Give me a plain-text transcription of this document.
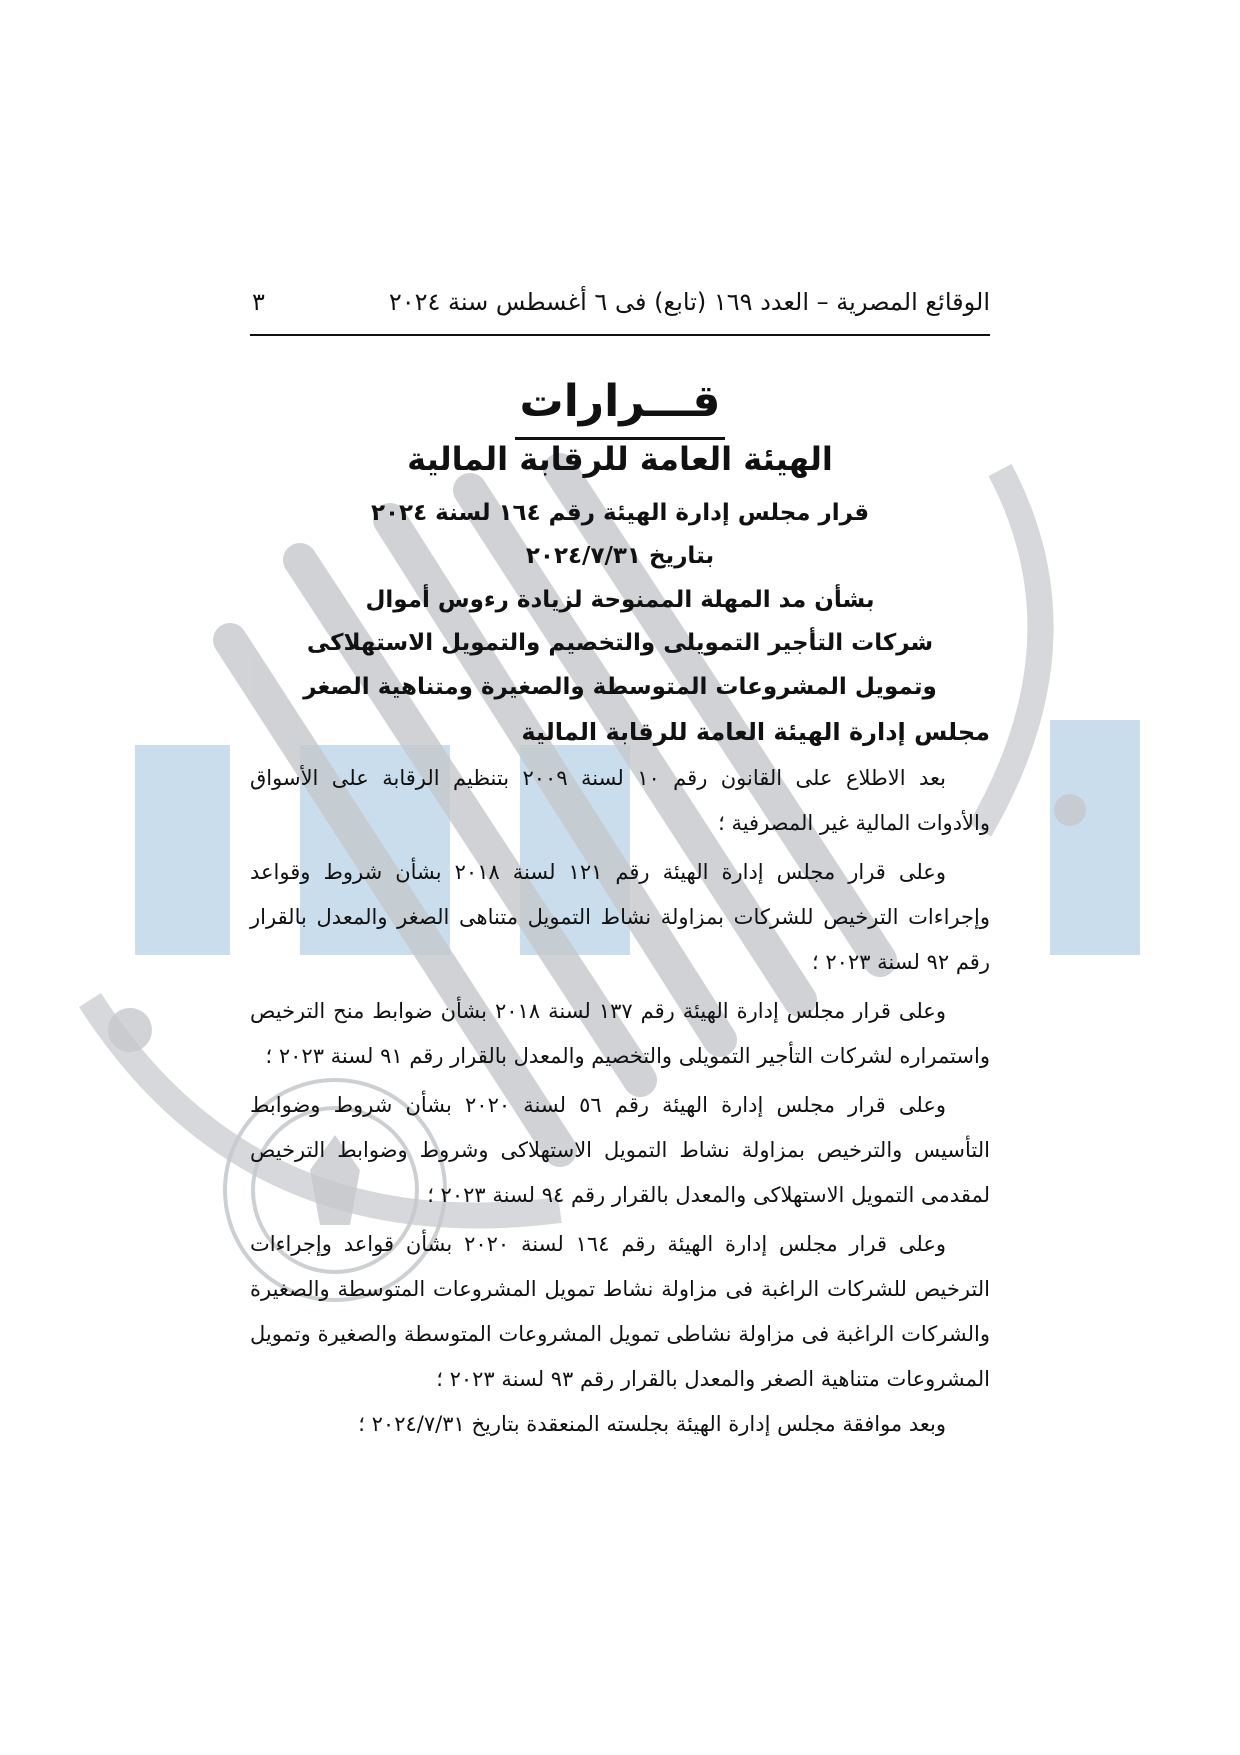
الوقائع المصرية – العدد ١٦٩ (تابع) فى ٦ أغسطس سنة ٢٠٢٤
٣
قـــرارات
الهيئة العامة للرقابة المالية
قرار مجلس إدارة الهيئة رقم ١٦٤ لسنة ٢٠٢٤
بتاريخ ٢٠٢٤/٧/٣١
بشأن مد المهلة الممنوحة لزيادة رءوس أموال
شركات التأجير التمويلى والتخصيم والتمويل الاستهلاكى
وتمويل المشروعات المتوسطة والصغيرة ومتناهية الصغر
مجلس إدارة الهيئة العامة للرقابة المالية

بعد الاطلاع على القانون رقم ١٠ لسنة ٢٠٠٩ بتنظيم الرقابة على الأسواق والأدوات المالية غير المصرفية ؛

وعلى قرار مجلس إدارة الهيئة رقم ١٢١ لسنة ٢٠١٨ بشأن شروط وقواعد وإجراءات الترخيص للشركات بمزاولة نشاط التمويل متناهى الصغر والمعدل بالقرار رقم ٩٢ لسنة ٢٠٢٣ ؛

وعلى قرار مجلس إدارة الهيئة رقم ١٣٧ لسنة ٢٠١٨ بشأن ضوابط منح الترخيص واستمراره لشركات التأجير التمويلى والتخصيم والمعدل بالقرار رقم ٩١ لسنة ٢٠٢٣ ؛

وعلى قرار مجلس إدارة الهيئة رقم ٥٦ لسنة ٢٠٢٠ بشأن شروط وضوابط التأسيس والترخيص بمزاولة نشاط التمويل الاستهلاكى وشروط وضوابط الترخيص لمقدمى التمويل الاستهلاكى والمعدل بالقرار رقم ٩٤ لسنة ٢٠٢٣ ؛

وعلى قرار مجلس إدارة الهيئة رقم ١٦٤ لسنة ٢٠٢٠ بشأن قواعد وإجراءات الترخيص للشركات الراغبة فى مزاولة نشاط تمويل المشروعات المتوسطة والصغيرة والشركات الراغبة فى مزاولة نشاطى تمويل المشروعات المتوسطة والصغيرة وتمويل المشروعات متناهية الصغر والمعدل بالقرار رقم ٩٣ لسنة ٢٠٢٣ ؛

وبعد موافقة مجلس إدارة الهيئة بجلسته المنعقدة بتاريخ ٢٠٢٤/٧/٣١ ؛
